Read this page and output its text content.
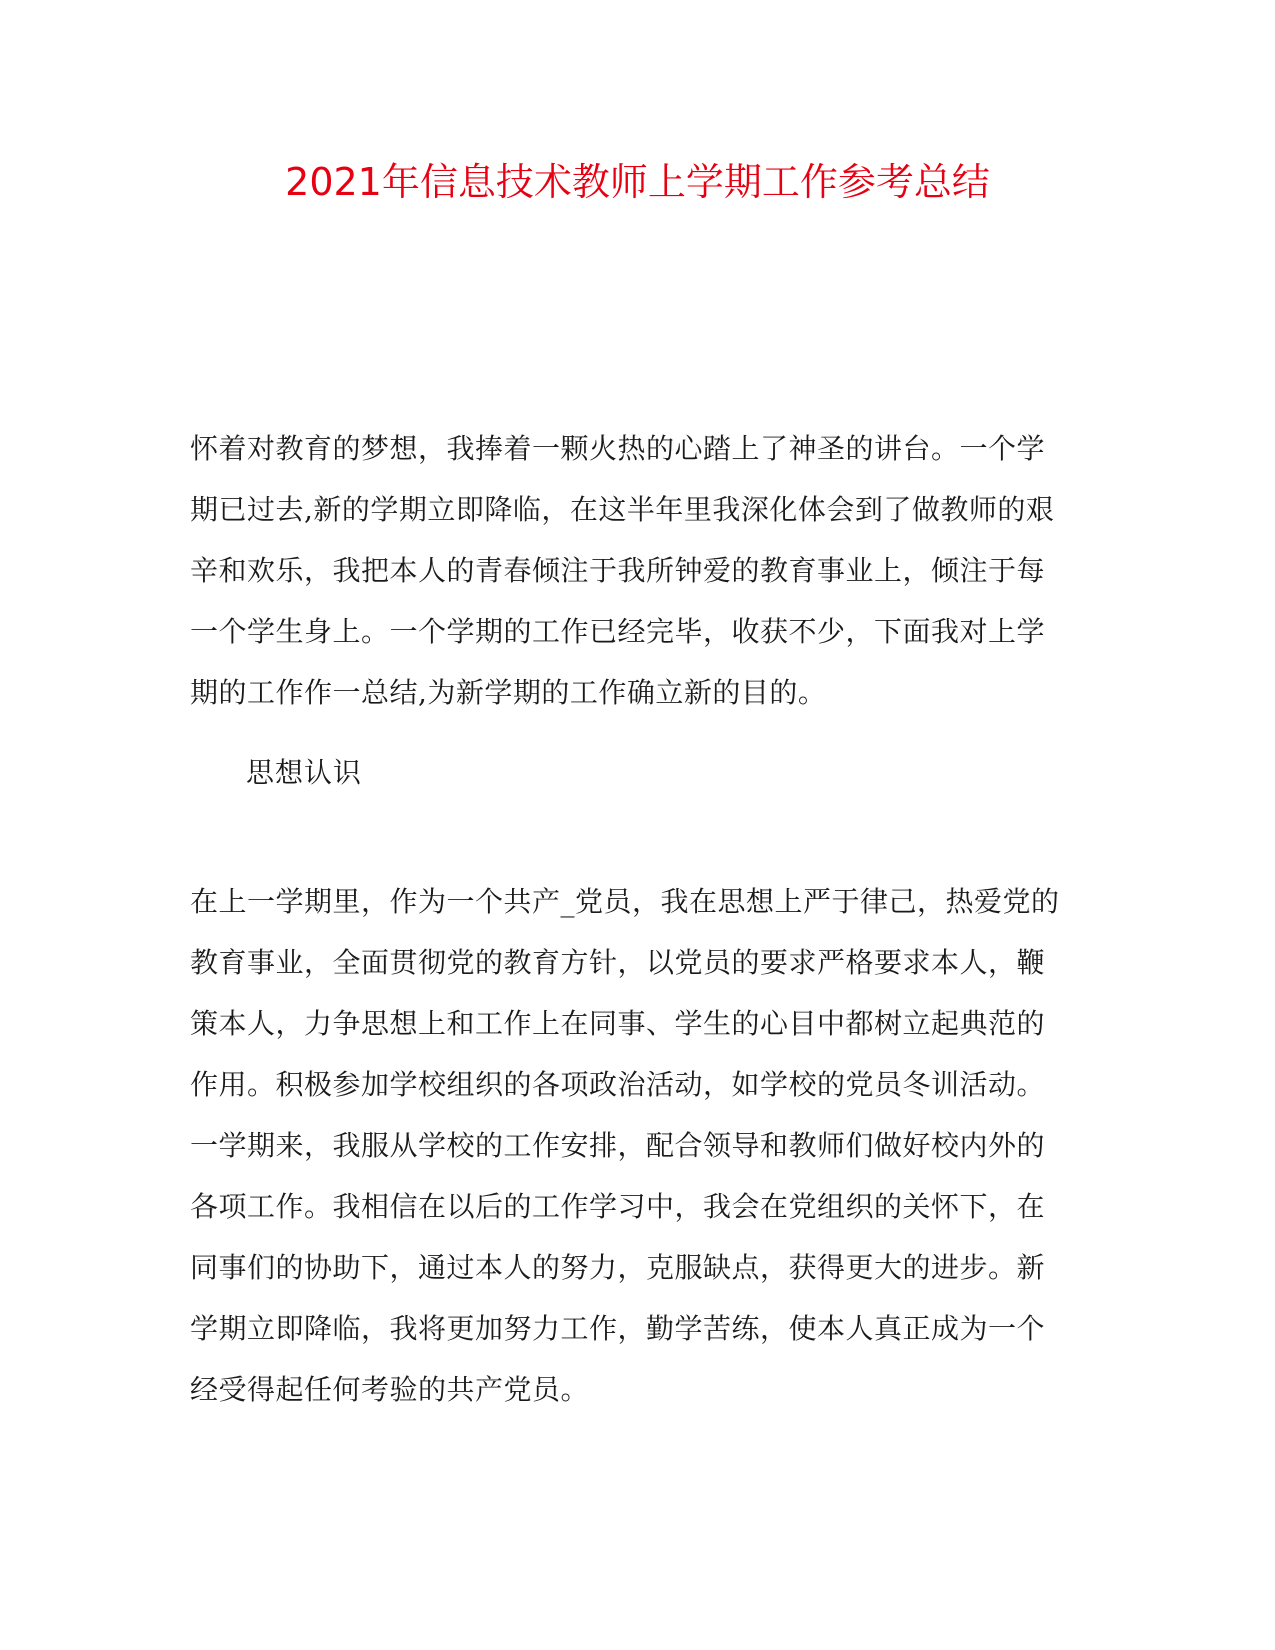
2021年信息技术教师上学期工作参考总结
怀着对教育的梦想，我捧着一颗火热的心踏上了神圣的讲台。一个学
期已过去,新的学期立即降临，在这半年里我深化体会到了做教师的艰
辛和欢乐，我把本人的青春倾注于我所钟爱的教育事业上，倾注于每
一个学生身上。一个学期的工作已经完毕，收获不少，下面我对上学
期的工作作一总结,为新学期的工作确立新的目的。
思想认识
在上一学期里，作为一个共产_党员，我在思想上严于律己，热爱党的
教育事业，全面贯彻党的教育方针，以党员的要求严格要求本人，鞭
策本人，力争思想上和工作上在同事、学生的心目中都树立起典范的
作用。积极参加学校组织的各项政治活动，如学校的党员冬训活动。
一学期来，我服从学校的工作安排，配合领导和教师们做好校内外的
各项工作。我相信在以后的工作学习中，我会在党组织的关怀下，在
同事们的协助下，通过本人的努力，克服缺点，获得更大的进步。新
学期立即降临，我将更加努力工作，勤学苦练，使本人真正成为一个
经受得起任何考验的共产党员。
